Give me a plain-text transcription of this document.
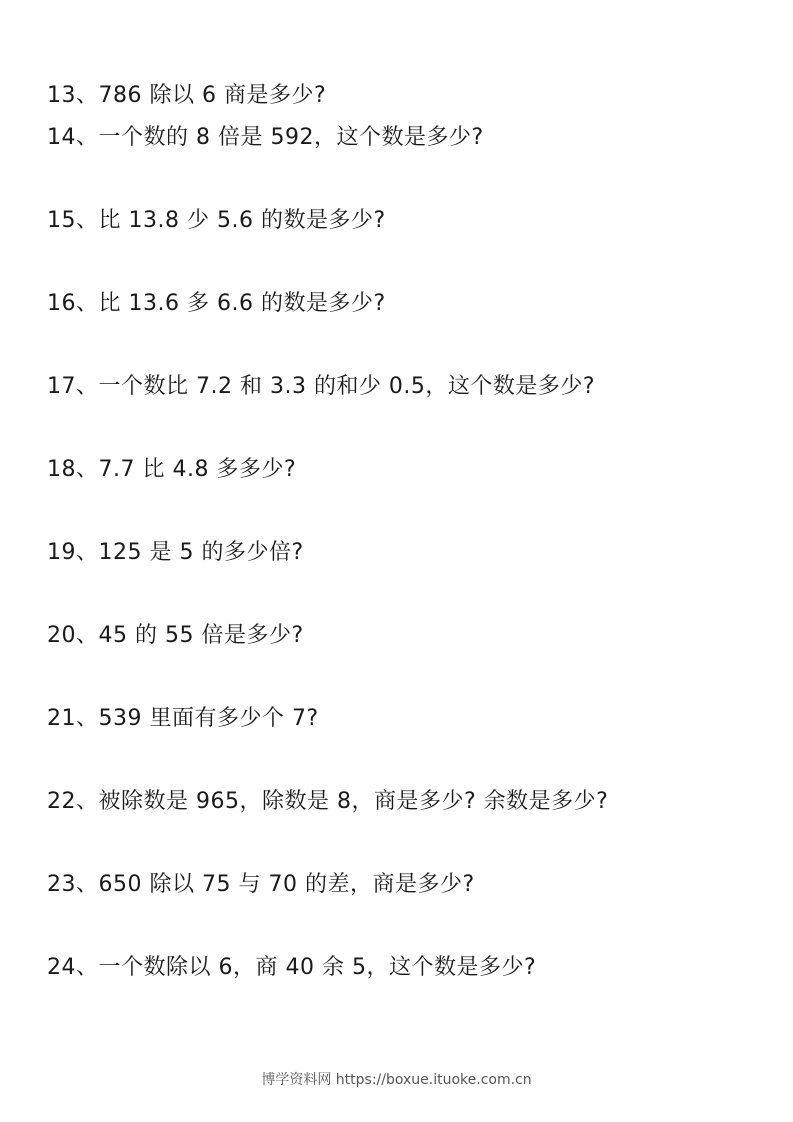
13、786 除以 6 商是多少?
14、一个数的 8 倍是 592，这个数是多少?
15、比 13.8 少 5.6 的数是多少?
16、比 13.6 多 6.6 的数是多少?
17、一个数比 7.2 和 3.3 的和少 0.5，这个数是多少?
18、7.7 比 4.8 多多少?
19、125 是 5 的多少倍?
20、45 的 55 倍是多少?
21、539 里面有多少个 7?
22、被除数是 965，除数是 8，商是多少? 余数是多少?
23、650 除以 75 与 70 的差，商是多少?
24、一个数除以 6，商 40 余 5，这个数是多少?
博学资料网 https://boxue.ituoke.com.cn
